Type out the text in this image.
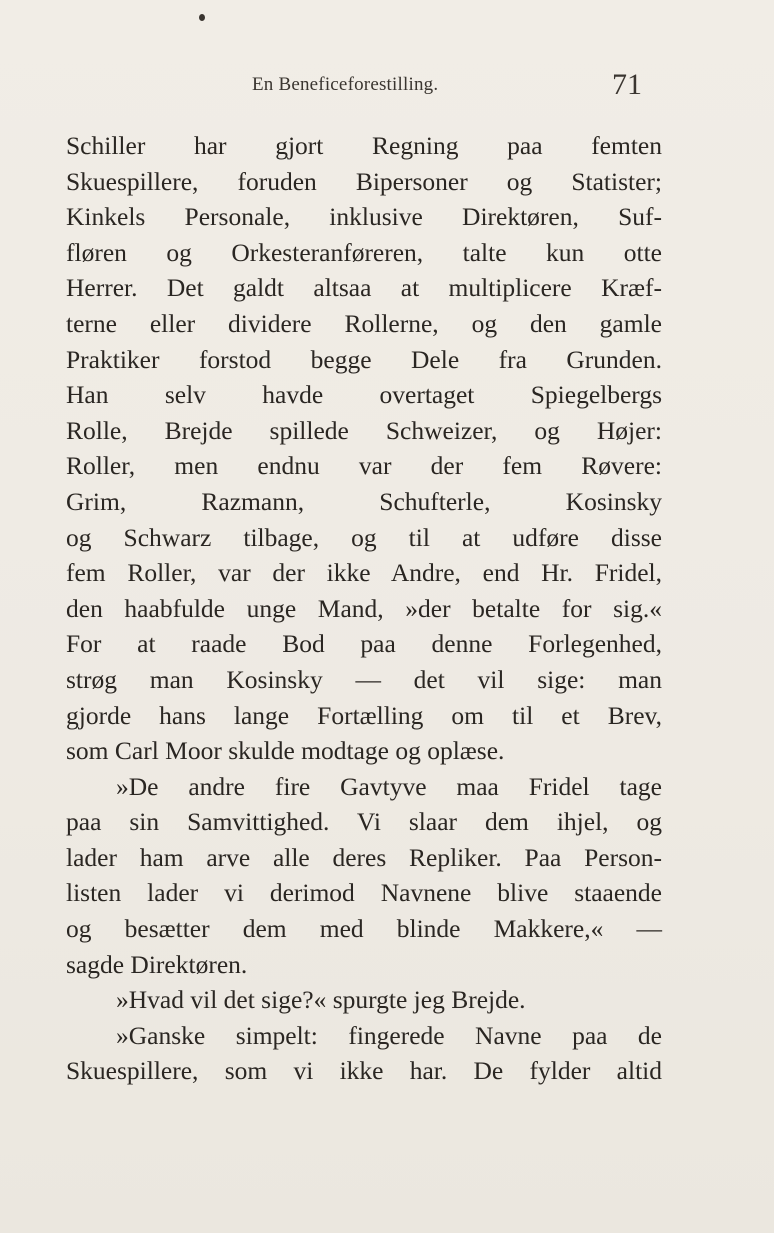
En Beneficeforestilling.	71
Schiller har gjort Regning paa femten
Skuespillere, foruden Bipersoner og Statister;
Kinkels Personale, inklusive Direktøren, Suf-
fløren og Orkesteranføreren, talte kun otte
Herrer. Det galdt altsaa at multiplicere Kræf-
terne eller dividere Rollerne, og den gamle
Praktiker forstod begge Dele fra Grunden.
Han selv havde overtaget Spiegelbergs
Rolle, Brejde spillede Schweizer, og Højer:
Roller, men endnu var der fem Røvere:
Grim, Razmann, Schufterle, Kosinsky
og Schwarz tilbage, og til at udføre disse
fem Roller, var der ikke Andre, end Hr. Fridel,
den haabfulde unge Mand, »der betalte for sig.«
For at raade Bod paa denne Forlegenhed,
strøg man Kosinsky — det vil sige: man
gjorde hans lange Fortælling om til et Brev,
som Carl Moor skulde modtage og oplæse.
»De andre fire Gavtyve maa Fridel tage
paa sin Samvittighed. Vi slaar dem ihjel, og
lader ham arve alle deres Repliker. Paa Person-
listen lader vi derimod Navnene blive staaende
og besætter dem med blinde Makkere,« —
sagde Direktøren.
»Hvad vil det sige?« spurgte jeg Brejde.
»Ganske simpelt: fingerede Navne paa de
Skuespillere, som vi ikke har. De fylder altid
